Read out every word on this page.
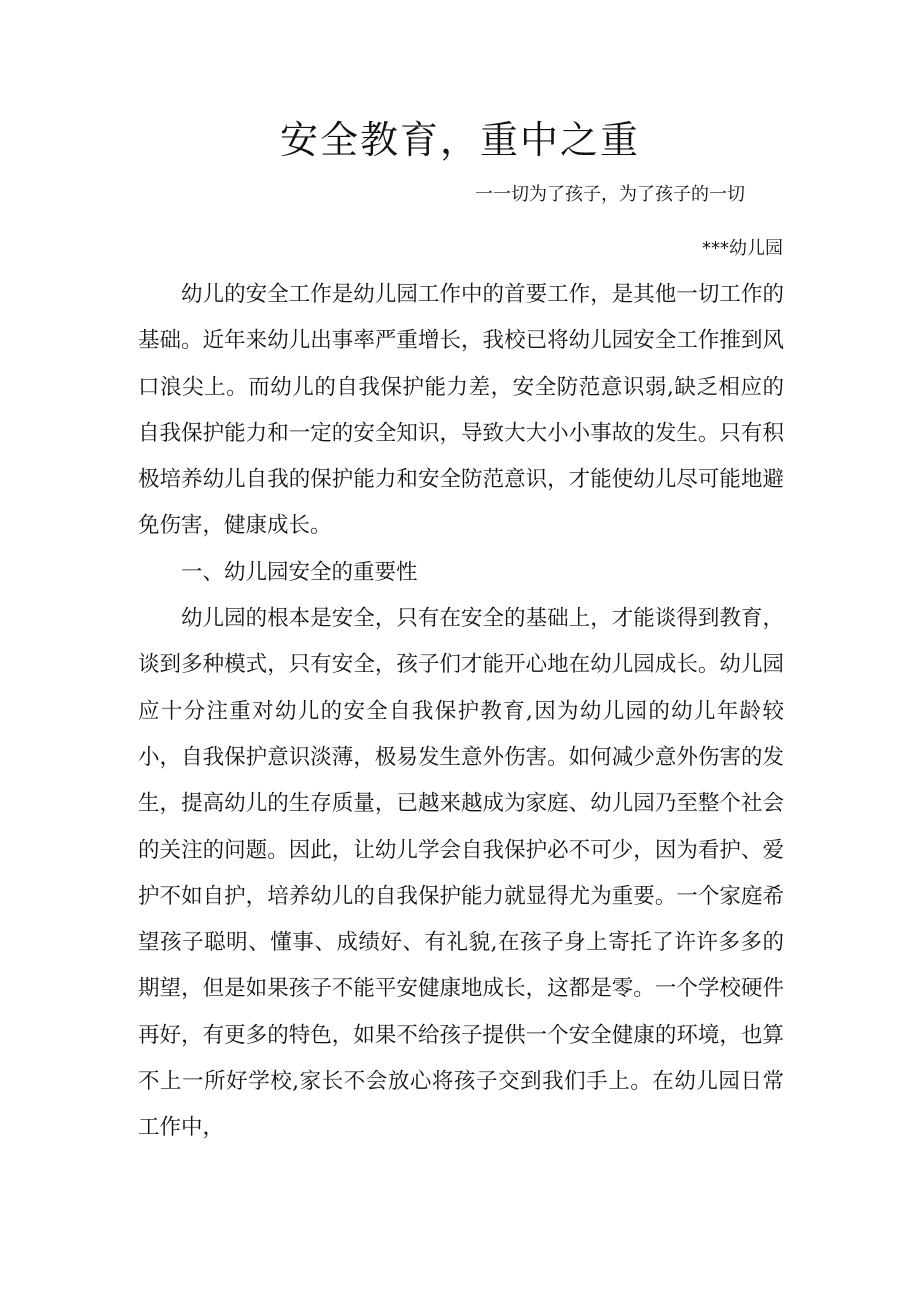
安全教育，重中之重
一一切为了孩子，为了孩子的一切
***幼儿园

幼儿的安全工作是幼儿园工作中的首要工作，是其他一切工作的基础。近年来幼儿出事率严重增长，我校已将幼儿园安全工作推到风口浪尖上。而幼儿的自我保护能力差，安全防范意识弱,缺乏相应的自我保护能力和一定的安全知识，导致大大小小事故的发生。只有积极培养幼儿自我的保护能力和安全防范意识，才能使幼儿尽可能地避免伤害，健康成长。

一、幼儿园安全的重要性

幼儿园的根本是安全，只有在安全的基础上，才能谈得到教育，谈到多种模式，只有安全，孩子们才能开心地在幼儿园成长。幼儿园应十分注重对幼儿的安全自我保护教育,因为幼儿园的幼儿年龄较小，自我保护意识淡薄，极易发生意外伤害。如何减少意外伤害的发生，提高幼儿的生存质量，已越来越成为家庭、幼儿园乃至整个社会的关注的问题。因此，让幼儿学会自我保护必不可少，因为看护、爱护不如自护，培养幼儿的自我保护能力就显得尤为重要。一个家庭希望孩子聪明、懂事、成绩好、有礼貌,在孩子身上寄托了许许多多的期望，但是如果孩子不能平安健康地成长，这都是零。一个学校硬件再好，有更多的特色，如果不给孩子提供一个安全健康的环境，也算不上一所好学校,家长不会放心将孩子交到我们手上。在幼儿园日常工作中，
